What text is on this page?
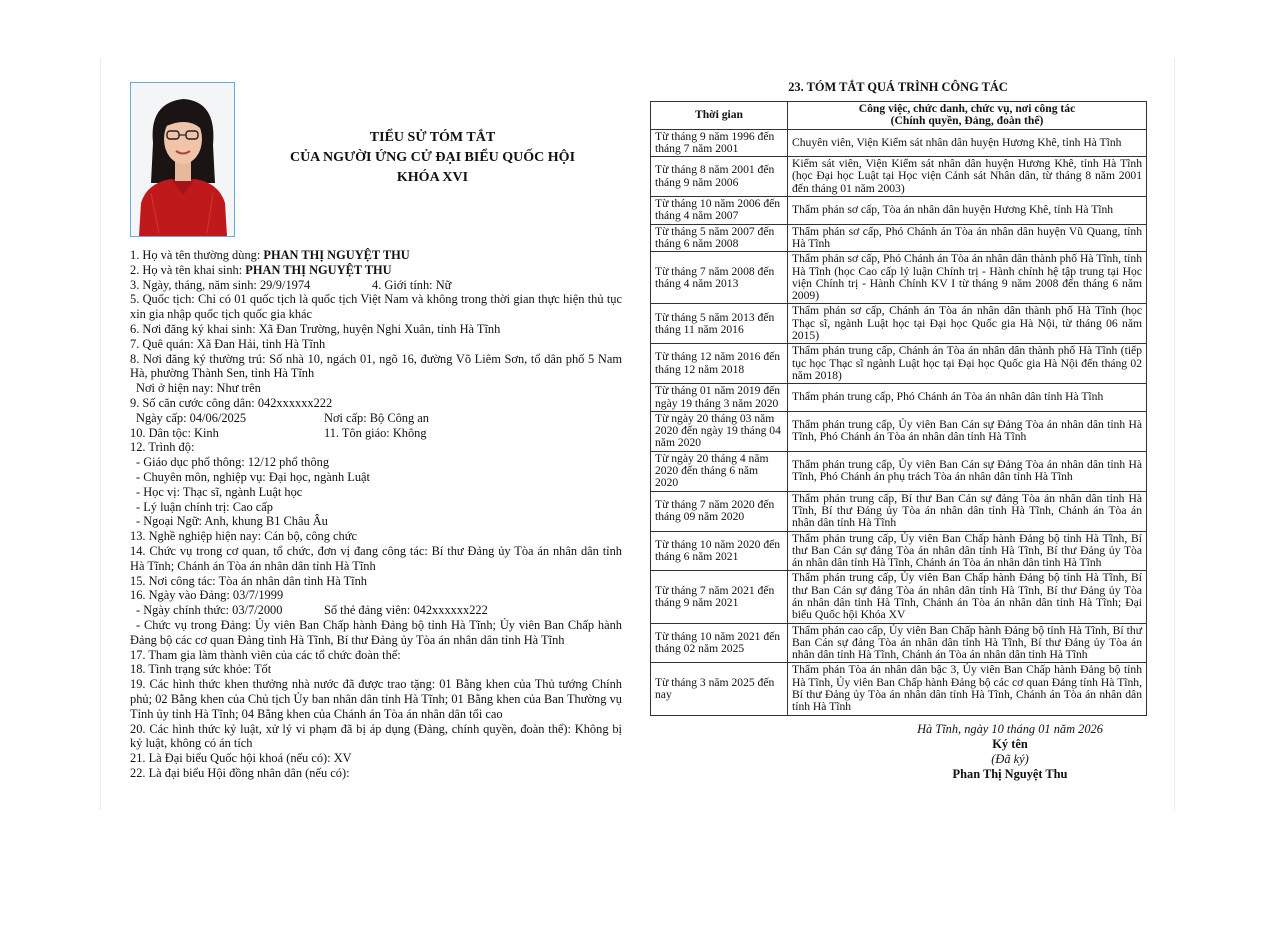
TIỂU SỬ TÓM TẮT
CỦA NGƯỜI ỨNG CỬ ĐẠI BIỂU QUỐC HỘI
KHÓA XVI
1. Họ và tên thường dùng: PHAN THỊ NGUYỆT THU
2. Họ và tên khai sinh: PHAN THỊ NGUYỆT THU
3. Ngày, tháng, năm sinh: 29/9/1974	4. Giới tính: Nữ
5. Quốc tịch: Chỉ có 01 quốc tịch là quốc tịch Việt Nam và không trong thời gian thực hiện thủ tục xin gia nhập quốc tịch quốc gia khác
6. Nơi đăng ký khai sinh: Xã Đan Trường, huyện Nghi Xuân, tỉnh Hà Tĩnh
7. Quê quán: Xã Đan Hải, tỉnh Hà Tĩnh
8. Nơi đăng ký thường trú: Số nhà 10, ngách 01, ngõ 16, đường Võ Liêm Sơn, tổ dân phố 5 Nam Hà, phường Thành Sen, tỉnh Hà Tĩnh
Nơi ở hiện nay: Như trên
9. Số căn cước công dân: 042xxxxxx222
Ngày cấp: 04/06/2025	Nơi cấp: Bộ Công an
10. Dân tộc: Kinh	11. Tôn giáo: Không
12. Trình độ:
- Giáo dục phổ thông: 12/12 phổ thông
- Chuyên môn, nghiệp vụ: Đại học, ngành Luật
- Học vị: Thạc sĩ, ngành Luật học
- Lý luận chính trị: Cao cấp
- Ngoại Ngữ: Anh, khung B1 Châu Âu
13. Nghề nghiệp hiện nay: Cán bộ, công chức
14. Chức vụ trong cơ quan, tổ chức, đơn vị đang công tác: Bí thư Đảng ủy Tòa án nhân dân tỉnh Hà Tĩnh; Chánh án Tòa án nhân dân tỉnh Hà Tĩnh
15. Nơi công tác: Tòa án nhân dân tỉnh Hà Tĩnh
16. Ngày vào Đảng: 03/7/1999
- Ngày chính thức: 03/7/2000	Số thẻ đảng viên: 042xxxxxx222
- Chức vụ trong Đảng: Ủy viên Ban Chấp hành Đảng bộ tỉnh Hà Tĩnh; Ủy viên Ban Chấp hành Đảng bộ các cơ quan Đảng tỉnh Hà Tĩnh, Bí thư Đảng ủy Tòa án nhân dân tỉnh Hà Tĩnh
17. Tham gia làm thành viên của các tổ chức đoàn thể:
18. Tình trạng sức khỏe: Tốt
19. Các hình thức khen thưởng nhà nước đã được trao tặng: 01 Bằng khen của Thủ tướng Chính phủ; 02 Bằng khen của Chủ tịch Ủy ban nhân dân tỉnh Hà Tĩnh; 01 Bằng khen của Ban Thường vụ Tỉnh ủy tỉnh Hà Tĩnh; 04 Bằng khen của Chánh án Tòa án nhân dân tối cao
20. Các hình thức kỷ luật, xử lý vi phạm đã bị áp dụng (Đảng, chính quyền, đoàn thể): Không bị kỷ luật, không có án tích
21. Là Đại biểu Quốc hội khoá (nếu có): XV
22. Là đại biểu Hội đồng nhân dân (nếu có):
23. TÓM TẮT QUÁ TRÌNH CÔNG TÁC
Thời gian	Công việc, chức danh, chức vụ, nơi công tác
(Chính quyền, Đảng, đoàn thể)

Từ tháng 9 năm 1996 đến tháng 7 năm 2001	Chuyên viên, Viện Kiểm sát nhân dân huyện Hương Khê, tỉnh Hà Tĩnh
Từ tháng 8 năm 2001 đến tháng 9 năm 2006	Kiểm sát viên, Viện Kiểm sát nhân dân huyện Hương Khê, tỉnh Hà Tĩnh (học Đại học Luật tại Học viện Cảnh sát Nhân dân, từ tháng 8 năm 2001 đến tháng 01 năm 2003)
Từ tháng 10 năm 2006 đến tháng 4 năm 2007	Thẩm phán sơ cấp, Tòa án nhân dân huyện Hương Khê, tỉnh Hà Tĩnh
Từ tháng 5 năm 2007 đến tháng 6 năm 2008	Thẩm phán sơ cấp, Phó Chánh án Tòa án nhân dân huyện Vũ Quang, tỉnh Hà Tĩnh
Từ tháng 7 năm 2008 đến tháng 4 năm 2013	Thẩm phán sơ cấp, Phó Chánh án Tòa án nhân dân thành phố Hà Tĩnh, tỉnh Hà Tĩnh (học Cao cấp lý luận Chính trị - Hành chính hệ tập trung tại Học viện Chính trị - Hành Chính KV I từ tháng 9 năm 2008 đến tháng 6 năm 2009)
Từ tháng 5 năm 2013 đến tháng 11 năm 2016	Thẩm phán sơ cấp, Chánh án Tòa án nhân dân thành phố Hà Tĩnh (học Thạc sĩ, ngành Luật học tại Đại học Quốc gia Hà Nội, từ tháng 06 năm 2015)
Từ tháng 12 năm 2016 đến tháng 12 năm 2018	Thẩm phán trung cấp, Chánh án Tòa án nhân dân thành phố Hà Tĩnh (tiếp tục học Thạc sĩ ngành Luật học tại Đại học Quốc gia Hà Nội đến tháng 02 năm 2018)
Từ tháng 01 năm 2019 đến ngày 19 tháng 3 năm 2020	Thẩm phán trung cấp, Phó Chánh án Tòa án nhân dân tỉnh Hà Tĩnh
Từ ngày 20 tháng 03 năm 2020 đến ngày 19 tháng 04 năm 2020	Thẩm phán trung cấp, Ủy viên Ban Cán sự Đảng Tòa án nhân dân tỉnh Hà Tĩnh, Phó Chánh án Tòa án nhân dân tỉnh Hà Tĩnh
Từ ngày 20 tháng 4 năm 2020 đến tháng 6 năm 2020	Thẩm phán trung cấp, Ủy viên Ban Cán sự Đảng Tòa án nhân dân tỉnh Hà Tĩnh, Phó Chánh án phụ trách Tòa án nhân dân tỉnh Hà Tĩnh
Từ tháng 7 năm 2020 đến tháng 09 năm 2020	Thẩm phán trung cấp, Bí thư Ban Cán sự đảng Tòa án nhân dân tỉnh Hà Tĩnh, Bí thư Đảng ủy Tòa án nhân dân tỉnh Hà Tĩnh, Chánh án Tòa án nhân dân tỉnh Hà Tĩnh
Từ tháng 10 năm 2020 đến tháng 6 năm 2021	Thẩm phán trung cấp, Ủy viên Ban Chấp hành Đảng bộ tỉnh Hà Tĩnh, Bí thư Ban Cán sự đảng Tòa án nhân dân tỉnh Hà Tĩnh, Bí thư Đảng ủy Tòa án nhân dân tỉnh Hà Tĩnh, Chánh án Tòa án nhân dân tỉnh Hà Tĩnh
Từ tháng 7 năm 2021 đến tháng 9 năm 2021	Thẩm phán trung cấp, Ủy viên Ban Chấp hành Đảng bộ tỉnh Hà Tĩnh, Bí thư Ban Cán sự đảng Tòa án nhân dân tỉnh Hà Tĩnh, Bí thư Đảng ủy Tòa án nhân dân tỉnh Hà Tĩnh, Chánh án Tòa án nhân dân tỉnh Hà Tĩnh; Đại biểu Quốc hội Khóa XV
Từ tháng 10 năm 2021 đến tháng 02 năm 2025	Thẩm phán cao cấp, Ủy viên Ban Chấp hành Đảng bộ tỉnh Hà Tĩnh, Bí thư Ban Cán sự đảng Tòa án nhân dân tỉnh Hà Tĩnh, Bí thư Đảng ủy Tòa án nhân dân tỉnh Hà Tĩnh, Chánh án Tòa án nhân dân tỉnh Hà Tĩnh
Từ tháng 3 năm 2025 đến nay	Thẩm phán Tòa án nhân dân bậc 3, Ủy viên Ban Chấp hành Đảng bộ tỉnh Hà Tĩnh, Ủy viên Ban Chấp hành Đảng bộ các cơ quan Đảng tỉnh Hà Tĩnh, Bí thư Đảng ủy Tòa án nhân dân tỉnh Hà Tĩnh, Chánh án Tòa án nhân dân tỉnh Hà Tĩnh
Hà Tĩnh, ngày 10 tháng 01 năm 2026
Ký tên
(Đã ký)
Phan Thị Nguyệt Thu
